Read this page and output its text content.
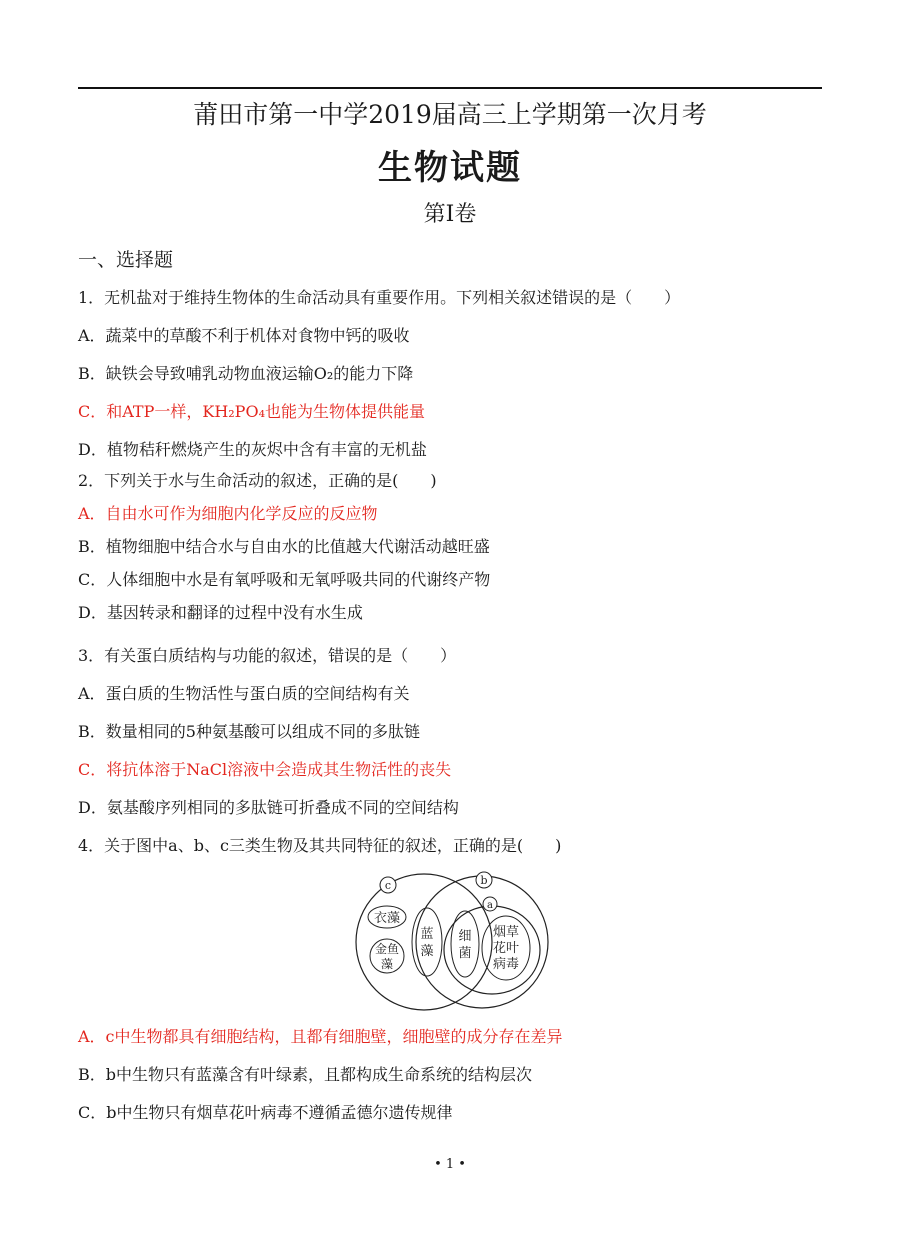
莆田市第一中学2019届高三上学期第一次月考
生物试题
第I卷
一、选择题
1．无机盐对于维持生物体的生命活动具有重要作用。下列相关叙述错误的是（　　）
A．蔬菜中的草酸不利于机体对食物中钙的吸收
B．缺铁会导致哺乳动物血液运输O₂的能力下降
C．和ATP一样，KH₂PO₄也能为生物体提供能量
D．植物秸秆燃烧产生的灰烬中含有丰富的无机盐
2．下列关于水与生命活动的叙述，正确的是(　　)
A．自由水可作为细胞内化学反应的反应物
B．植物细胞中结合水与自由水的比值越大代谢活动越旺盛
C．人体细胞中水是有氧呼吸和无氧呼吸共同的代谢终产物
D．基因转录和翻译的过程中没有水生成
3．有关蛋白质结构与功能的叙述，错误的是（　　）
A．蛋白质的生物活性与蛋白质的空间结构有关
B．数量相同的5种氨基酸可以组成不同的多肽链
C．将抗体溶于NaCl溶液中会造成其生物活性的丧失
D．氨基酸序列相同的多肽链可折叠成不同的空间结构
4．关于图中a、b、c三类生物及其共同特征的叙述，正确的是(　　)
c	b
a
衣藻
金鱼
藻
蓝
藻
细
菌
烟草
花叶
病毒
A．c中生物都具有细胞结构，且都有细胞壁，细胞壁的成分存在差异
B．b中生物只有蓝藻含有叶绿素，且都构成生命系统的结构层次
C．b中生物只有烟草花叶病毒不遵循孟德尔遗传规律
• 1 •
